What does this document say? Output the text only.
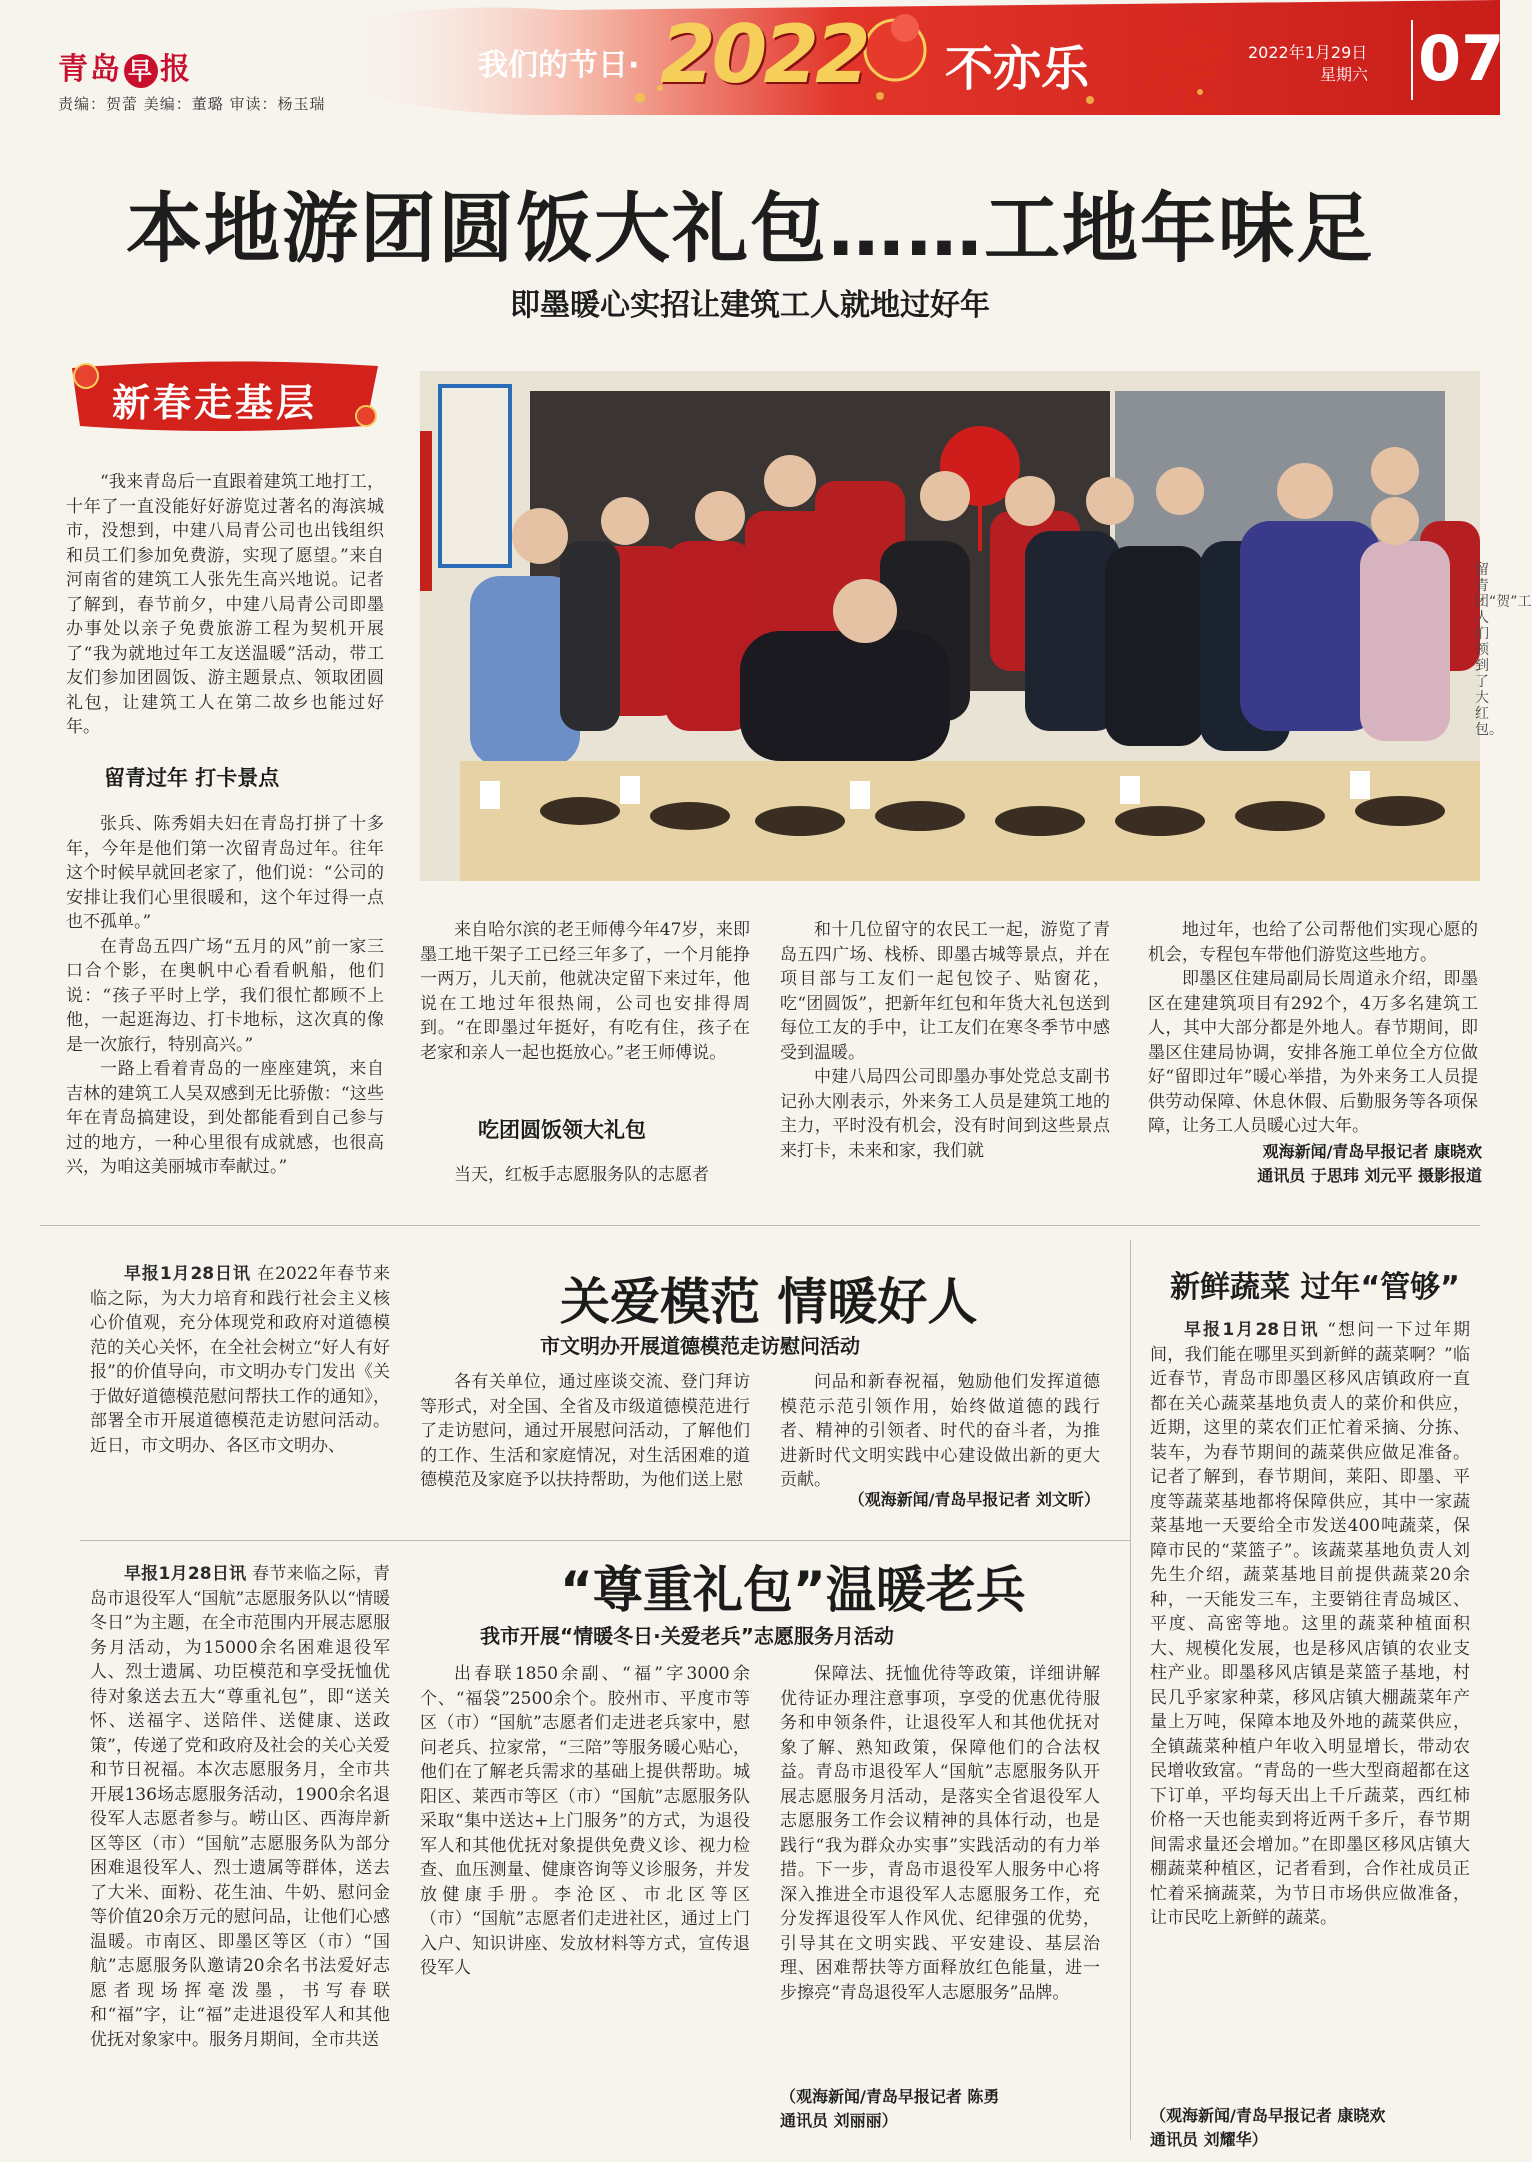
青岛 早 报
责编：贺蕾 美编：董璐 审读：杨玉瑞
我们的节日· 2022 不亦乐 虎 2022年1月29日
星期六 07
本地游团圆饭大礼包……工地年味足
即墨暖心实招让建筑工人就地过好年
新春走基层
留青团“贺”工人们领到了大红包。

“我来青岛后一直跟着建筑工地打工，十年了一直没能好好游览过著名的海滨城市，没想到，中建八局青公司也出钱组织和员工们参加免费游，实现了愿望。”来自河南省的建筑工人张先生高兴地说。记者了解到，春节前夕，中建八局青公司即墨办事处以亲子免费旅游工程为契机开展了“我为就地过年工友送温暖”活动，带工友们参加团圆饭、游主题景点、领取团圆礼包，让建筑工人在第二故乡也能过好年。

留青过年 打卡景点

张兵、陈秀娟夫妇在青岛打拼了十多年，今年是他们第一次留青岛过年。往年这个时候早就回老家了，他们说：“公司的安排让我们心里很暖和，这个年过得一点也不孤单。”

在青岛五四广场“五月的风”前一家三口合个影，在奥帆中心看看帆船，他们说：“孩子平时上学，我们很忙都顾不上他，一起逛海边、打卡地标，这次真的像是一次旅行，特别高兴。”

一路上看着青岛的一座座建筑，来自吉林的建筑工人吴双感到无比骄傲：“这些年在青岛搞建设，到处都能看到自己参与过的地方，一种心里很有成就感，也很高兴，为咱这美丽城市奉献过。”

来自哈尔滨的老王师傅今年47岁，来即墨工地干架子工已经三年多了，一个月能挣一两万，儿天前，他就决定留下来过年，他说在工地过年很热闹，公司也安排得周到。“在即墨过年挺好，有吃有住，孩子在老家和亲人一起也挺放心。”老王师傅说。

吃团圆饭领大礼包

当天，红板手志愿服务队的志愿者

和十几位留守的农民工一起，游览了青岛五四广场、栈桥、即墨古城等景点，并在项目部与工友们一起包饺子、贴窗花，吃“团圆饭”，把新年红包和年货大礼包送到每位工友的手中，让工友们在寒冬季节中感受到温暖。

中建八局四公司即墨办事处党总支副书记孙大刚表示，外来务工人员是建筑工地的主力，平时没有机会，没有时间到这些景点来打卡，未来和家，我们就

地过年，也给了公司帮他们实现心愿的机会，专程包车带他们游览这些地方。

即墨区住建局副局长周道永介绍，即墨区在建建筑项目有292个，4万多名建筑工人，其中大部分都是外地人。春节期间，即墨区住建局协调，安排各施工单位全方位做好“留即过年”暖心举措，为外来务工人员提供劳动保障、休息休假、后勤服务等各项保障，让务工人员暖心过大年。

观海新闻/青岛早报记者 康晓欢
通讯员 于思玮 刘元平 摄影报道

早报1月28日讯 在2022年春节来临之际，为大力培育和践行社会主义核心价值观，充分体现党和政府对道德模范的关心关怀，在全社会树立“好人有好报”的价值导向，市文明办专门发出《关于做好道德模范慰问帮扶工作的通知》，部署全市开展道德模范走访慰问活动。近日，市文明办、各区市文明办、

关爱模范 情暖好人
市文明办开展道德模范走访慰问活动

各有关单位，通过座谈交流、登门拜访等形式，对全国、全省及市级道德模范进行了走访慰问，通过开展慰问活动，了解他们的工作、生活和家庭情况，对生活困难的道德模范及家庭予以扶持帮助，为他们送上慰

问品和新春祝福，勉励他们发挥道德模范示范引领作用，始终做道德的践行者、精神的引领者、时代的奋斗者，为推进新时代文明实践中心建设做出新的更大贡献。

（观海新闻/青岛早报记者 刘文昕）
“尊重礼包”温暖老兵
我市开展“情暖冬日·关爱老兵”志愿服务月活动

早报1月28日讯 春节来临之际，青岛市退役军人“国航”志愿服务队以“情暖冬日”为主题，在全市范围内开展志愿服务月活动，为15000余名困难退役军人、烈士遗属、功臣模范和享受抚恤优待对象送去五大“尊重礼包”，即“送关怀、送福字、送陪伴、送健康、送政策”，传递了党和政府及社会的关心关爱和节日祝福。本次志愿服务月，全市共开展136场志愿服务活动，1900余名退役军人志愿者参与。崂山区、西海岸新区等区（市）“国航”志愿服务队为部分困难退役军人、烈士遗属等群体，送去了大米、面粉、花生油、牛奶、慰问金等价值20余万元的慰问品，让他们心感温暖。市南区、即墨区等区（市）“国航”志愿服务队邀请20余名书法爱好志愿者现场挥毫泼墨，书写春联和“福”字，让“福”走进退役军人和其他优抚对象家中。服务月期间，全市共送

出春联1850余副、“福”字3000余个、“福袋”2500余个。胶州市、平度市等区（市）“国航”志愿者们走进老兵家中，慰问老兵、拉家常，“三陪”等服务暖心贴心，他们在了解老兵需求的基础上提供帮助。城阳区、莱西市等区（市）“国航”志愿服务队采取“集中送达+上门服务”的方式，为退役军人和其他优抚对象提供免费义诊、视力检查、血压测量、健康咨询等义诊服务，并发放健康手册。李沧区、市北区等区（市）“国航”志愿者们走进社区，通过上门入户、知识讲座、发放材料等方式，宣传退役军人

保障法、抚恤优待等政策，详细讲解优待证办理注意事项，享受的优惠优待服务和申领条件，让退役军人和其他优抚对象了解、熟知政策，保障他们的合法权益。青岛市退役军人“国航”志愿服务队开展志愿服务月活动，是落实全省退役军人志愿服务工作会议精神的具体行动，也是践行“我为群众办实事”实践活动的有力举措。下一步，青岛市退役军人服务中心将深入推进全市退役军人志愿服务工作，充分发挥退役军人作风优、纪律强的优势，引导其在文明实践、平安建设、基层治理、困难帮扶等方面释放红色能量，进一步擦亮“青岛退役军人志愿服务”品牌。

（观海新闻/青岛早报记者 陈勇
通讯员 刘丽丽）
新鲜蔬菜 过年“管够”

早报1月28日讯 “想问一下过年期间，我们能在哪里买到新鲜的蔬菜啊？”临近春节，青岛市即墨区移风店镇政府一直都在关心蔬菜基地负责人的菜价和供应，近期，这里的菜农们正忙着采摘、分拣、装车，为春节期间的蔬菜供应做足准备。记者了解到，春节期间，莱阳、即墨、平度等蔬菜基地都将保障供应，其中一家蔬菜基地一天要给全市发送400吨蔬菜，保障市民的“菜篮子”。该蔬菜基地负责人刘先生介绍，蔬菜基地目前提供蔬菜20余种，一天能发三车，主要销往青岛城区、平度、高密等地。这里的蔬菜种植面积大、规模化发展，也是移风店镇的农业支柱产业。即墨移风店镇是菜篮子基地，村民几乎家家种菜，移风店镇大棚蔬菜年产量上万吨，保障本地及外地的蔬菜供应，全镇蔬菜种植户年收入明显增长，带动农民增收致富。“青岛的一些大型商超都在这下订单，平均每天出上千斤蔬菜，西红柿价格一天也能卖到将近两千多斤，春节期间需求量还会增加。”在即墨区移风店镇大棚蔬菜种植区，记者看到，合作社成员正忙着采摘蔬菜，为节日市场供应做准备，让市民吃上新鲜的蔬菜。

（观海新闻/青岛早报记者 康晓欢
通讯员 刘耀华）
